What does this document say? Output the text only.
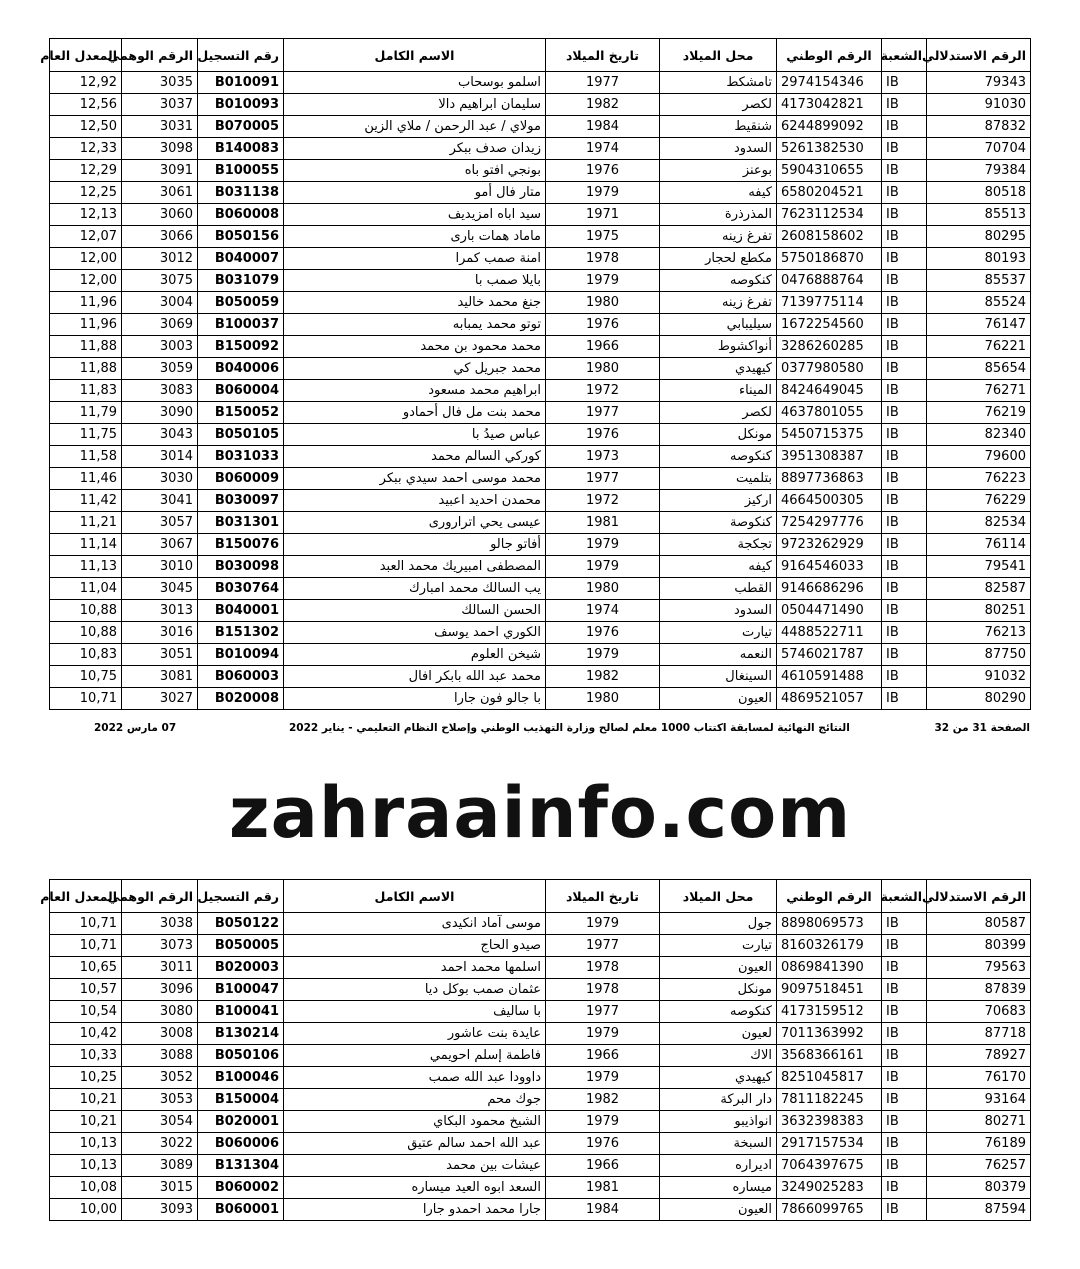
الرقم الاستدلالي	الشعبة	الرقم الوطني	محل الميلاد	تاريخ الميلاد	الاسم الكامل	رقم التسجيل	الرقم الوهمي	المعدل العام
79343	IB	2974154346	تامشكط	1977	اسلمو بوسحاب	B010091	3035	12,92
91030	IB	4173042821	لكصر	1982	سليمان ابراهيم دالا	B010093	3037	12,56
87832	IB	6244899092	شنقيط	1984	مولاي / عبد الرحمن / ملاي الزين	B070005	3031	12,50
70704	IB	5261382530	السدود	1974	زيدان صدف ببكر	B140083	3098	12,33
79384	IB	5904310655	بوعنز	1976	بونجي افتو باه	B100055	3091	12,29
80518	IB	6580204521	كيفه	1979	متار فال أمو	B031138	3061	12,25
85513	IB	7623112534	المذرذرة	1971	سيد اباه امزيديف	B060008	3060	12,13
80295	IB	2608158602	تفرغ زينه	1975	ماماد همات بارى	B050156	3066	12,07
80193	IB	5750186870	مكطع لحجار	1978	امنة صمب كمرا	B040007	3012	12,00
85537	IB	0476888764	كنكوصه	1979	بايلا صمب با	B031079	3075	12,00
85524	IB	7139775114	تفرغ زينه	1980	جنغ محمد خاليد	B050059	3004	11,96
76147	IB	1672254560	سيليبابي	1976	توتو محمد يمبابه	B100037	3069	11,96
76221	IB	3286260285	أنواكشوط	1966	محمد محمود بن محمد	B150092	3003	11,88
85654	IB	0377980580	كيهيدي	1980	محمد جبريل كي	B040006	3059	11,88
76271	IB	8424649045	الميناء	1972	ابراهيم محمد مسعود	B060004	3083	11,83
76219	IB	4637801055	لكصر	1977	محمد بنت مل فال أحمادو	B150052	3090	11,79
82340	IB	5450715375	مونكل	1976	عباس صيدُ با	B050105	3043	11,75
79600	IB	3951308387	كنكوصه	1973	كوركي السالم محمد	B031033	3014	11,58
76223	IB	8897736863	بتلميت	1977	محمد موسى احمد سيدي ببكر	B060009	3030	11,46
76229	IB	4664500305	اركيز	1972	محمدن احديد اعبيد	B030097	3041	11,42
82534	IB	7254297776	كنكوصة	1981	عيسى يحي اترارورى	B031301	3057	11,21
76114	IB	9723262929	تجكجة	1979	أفاتو جالو	B150076	3067	11,14
79541	IB	9164546033	كيفه	1979	المصطفى امبيريك محمد العبد	B030098	3010	11,13
82587	IB	9146686296	القطب	1980	يب السالك محمد امبارك	B030764	3045	11,04
80251	IB	0504471490	السدود	1974	الحسن السالك	B040001	3013	10,88
76213	IB	4488522711	تيارت	1976	الكوري احمد يوسف	B151302	3016	10,88
87750	IB	5746021787	النعمه	1979	شيخن العلوم	B010094	3051	10,83
91032	IB	4610591488	السينغال	1982	محمد عبد الله بابكر افال	B060003	3081	10,75
80290	IB	4869521057	العيون	1980	با جالو فون جارا	B020008	3027	10,71
الصفحة 31 من 32
النتائج النهائية لمسابقة اكتتاب 1000 معلم لصالح وزارة التهذيب الوطني وإصلاح النظام التعليمي - يناير 2022
07 مارس 2022
zahraainfo.com
الرقم الاستدلالي	الشعبة	الرقم الوطني	محل الميلاد	تاريخ الميلاد	الاسم الكامل	رقم التسجيل	الرقم الوهمي	المعدل العام
80587	IB	8898069573	جول	1979	موسى آماد انكيدى	B050122	3038	10,71
80399	IB	8160326179	تيارت	1977	صيدو الحاج	B050005	3073	10,71
79563	IB	0869841390	العيون	1978	اسلمها محمد احمد	B020003	3011	10,65
87839	IB	9097518451	مونكل	1978	عثمان صمب بوكل ديا	B100047	3096	10,57
70683	IB	4173159512	كنكوصه	1977	با ساليف	B100041	3080	10,54
87718	IB	7011363992	لعيون	1979	عايدة بنت عاشور	B130214	3008	10,42
78927	IB	3568366161	الاك	1966	فاطمة إسلم احويمي	B050106	3088	10,33
76170	IB	8251045817	كيهيدي	1979	داوودا عبد الله صمب	B100046	3052	10,25
93164	IB	7811182245	دار البركة	1982	جوك محم	B150004	3053	10,21
80271	IB	3632398383	انواذيبو	1979	الشيخ محمود البكاي	B020001	3054	10,21
76189	IB	2917157534	السبخة	1976	عبد الله احمد سالم عتيق	B060006	3022	10,13
76257	IB	7064397675	اديراره	1966	عيشات بين محمد	B131304	3089	10,13
80379	IB	3249025283	ميساره	1981	السعد ابوه العيد ميساره	B060002	3015	10,08
87594	IB	7866099765	العيون	1984	جارا محمد احمدو جارا	B060001	3093	10,00
